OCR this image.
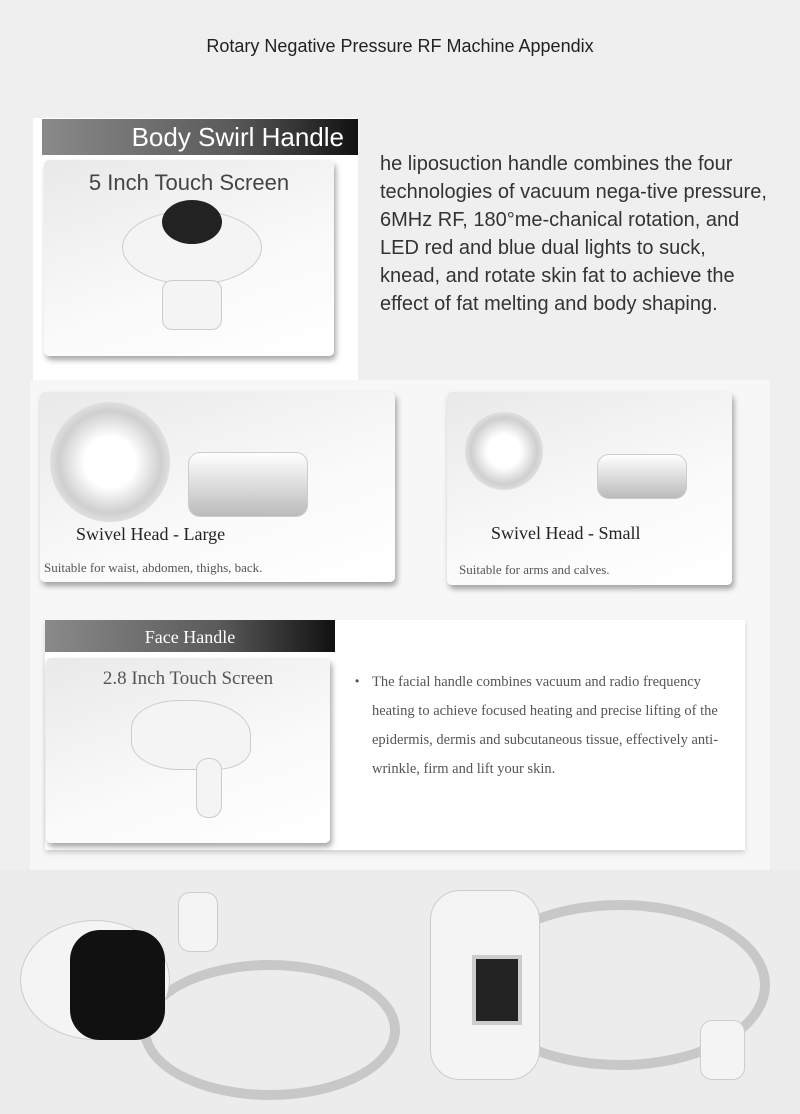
Rotary Negative Pressure RF Machine Appendix
Body Swirl Handle
5 Inch Touch Screen
he liposuction handle combines the four technologies of vacuum nega-tive pressure, 6MHz RF, 180°me-chanical rotation, and LED red and blue dual lights to suck, knead, and rotate skin fat to achieve the effect of fat melting and body shaping.
Swivel Head - Large
Suitable for waist, abdomen, thighs, back.
Swivel Head - Small
Suitable for arms and calves.
Face Handle
2.8 Inch Touch Screen	• The facial handle combines vacuum and radio frequency heating to achieve focused heating and precise lifting of the epidermis, dermis and subcutaneous tissue, effectively anti-wrinkle, firm and lift your skin.
